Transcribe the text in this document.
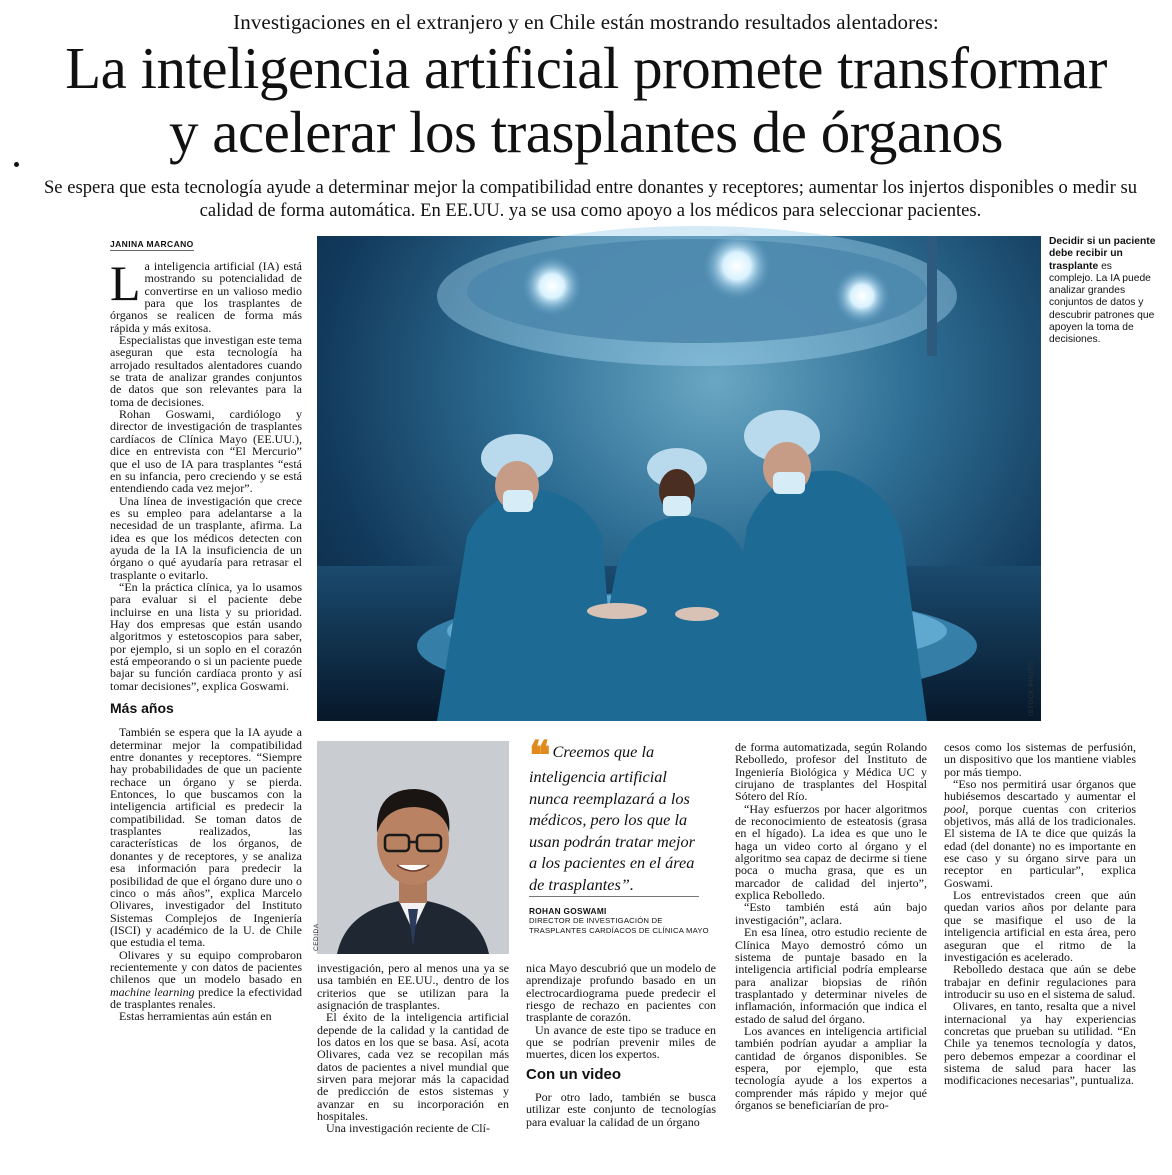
Investigaciones en el extranjero y en Chile están mostrando resultados alentadores:
La inteligencia artificial promete transformar
y acelerar los trasplantes de órganos
Se espera que esta tecnología ayude a determinar mejor la compatibilidad entre donantes y receptores; aumentar los injertos disponibles o medir su calidad de forma automática. En EE.UU. ya se usa como apoyo a los médicos para seleccionar pacientes.
JANINA MARCANO

La inteligencia artificial (IA) está mostrando su potencialidad de convertirse en un valioso medio para que los trasplantes de órganos se realicen de forma más rápida y más exitosa.

Especialistas que investigan este tema aseguran que esta tecnología ha arrojado resultados alentadores cuando se trata de analizar grandes conjuntos de datos que son relevantes para la toma de decisiones.

Rohan Goswami, cardiólogo y director de investigación de trasplantes cardíacos de Clínica Mayo (EE.UU.), dice en entrevista con “El Mercurio” que el uso de IA para trasplantes “está en su infancia, pero creciendo y se está entendiendo cada vez mejor”.

Una línea de investigación que crece es su empleo para adelantarse a la necesidad de un trasplante, afirma. La idea es que los médicos detecten con ayuda de la IA la insuficiencia de un órgano o qué ayudaría para retrasar el trasplante o evitarlo.

“En la práctica clínica, ya lo usamos para evaluar si el paciente debe incluirse en una lista y su prioridad. Hay dos empresas que están usando algoritmos y estetoscopios para saber, por ejemplo, si un soplo en el corazón está empeorando o si un paciente puede bajar su función cardíaca pronto y así tomar decisiones”, explica Goswami.

Más años

También se espera que la IA ayude a determinar mejor la compatibilidad entre donantes y receptores. “Siempre hay probabilidades de que un paciente rechace un órgano y se pierda. Entonces, lo que buscamos con la inteligencia artificial es predecir la compatibilidad. Se toman datos de trasplantes realizados, las características de los órganos, de donantes y de receptores, y se analiza esa información para predecir la posibilidad de que el órgano dure uno o cinco o más años”, explica Marcelo Olivares, investigador del Instituto Sistemas Complejos de Ingeniería (ISCI) y académico de la U. de Chile que estudia el tema.

Olivares y su equipo comprobaron recientemente y con datos de pacientes chilenos que un modelo basado en machine learning predice la efectividad de trasplantes renales.

Estas herramientas aún están en

ISTOCK PHOTO
Decidir si un paciente debe recibir un trasplante es complejo. La IA puede analizar grandes conjuntos de datos y descubrir patrones que apoyen la toma de decisiones.
CEDIDA
❝ Creemos que la inteligencia artificial nunca reemplazará a los médicos, pero los que la usan podrán tratar mejor a los pacientes en el área de trasplantes”.
ROHAN GOSWAMI
DIRECTOR DE INVESTIGACIÓN DE TRASPLANTES CARDÍACOS DE CLÍNICA MAYO

investigación, pero al menos una ya se usa también en EE.UU., dentro de los criterios que se utilizan para la asignación de trasplantes.

El éxito de la inteligencia artificial depende de la calidad y la cantidad de los datos en los que se basa. Así, acota Olivares, cada vez se recopilan más datos de pacientes a nivel mundial que sirven para mejorar más la capacidad de predicción de estos sistemas y avanzar en su incorporación en hospitales.

Una investigación reciente de Clí-

nica Mayo descubrió que un modelo de aprendizaje profundo basado en un electrocardiograma puede predecir el riesgo de rechazo en pacientes con trasplante de corazón.

Un avance de este tipo se traduce en que se podrían prevenir miles de muertes, dicen los expertos.

Con un video

Por otro lado, también se busca utilizar este conjunto de tecnologías para evaluar la calidad de un órgano

de forma automatizada, según Rolando Rebolledo, profesor del Instituto de Ingeniería Biológica y Médica UC y cirujano de trasplantes del Hospital Sótero del Río.

“Hay esfuerzos por hacer algoritmos de reconocimiento de esteatosis (grasa en el hígado). La idea es que uno le haga un video corto al órgano y el algoritmo sea capaz de decirme si tiene poca o mucha grasa, que es un marcador de calidad del injerto”, explica Rebolledo.

“Esto también está aún bajo investigación”, aclara.

En esa línea, otro estudio reciente de Clínica Mayo demostró cómo un sistema de puntaje basado en la inteligencia artificial podría emplearse para analizar biopsias de riñón trasplantado y determinar niveles de inflamación, información que indica el estado de salud del órgano.

Los avances en inteligencia artificial también podrían ayudar a ampliar la cantidad de órganos disponibles. Se espera, por ejemplo, que esta tecnología ayude a los expertos a comprender más rápido y mejor qué órganos se beneficiarían de pro-

cesos como los sistemas de perfusión, un dispositivo que los mantiene viables por más tiempo.

“Eso nos permitirá usar órganos que hubiésemos descartado y aumentar el pool, porque cuentas con criterios objetivos, más allá de los tradicionales. El sistema de IA te dice que quizás la edad (del donante) no es importante en ese caso y su órgano sirve para un receptor en particular”, explica Goswami.

Los entrevistados creen que aún quedan varios años por delante para que se masifique el uso de la inteligencia artificial en esta área, pero aseguran que el ritmo de la investigación es acelerado.

Rebolledo destaca que aún se debe trabajar en definir regulaciones para introducir su uso en el sistema de salud.

Olivares, en tanto, resalta que a nivel internacional ya hay experiencias concretas que prueban su utilidad. “En Chile ya tenemos tecnología y datos, pero debemos empezar a coordinar el sistema de salud para hacer las modificaciones necesarias”, puntualiza.
